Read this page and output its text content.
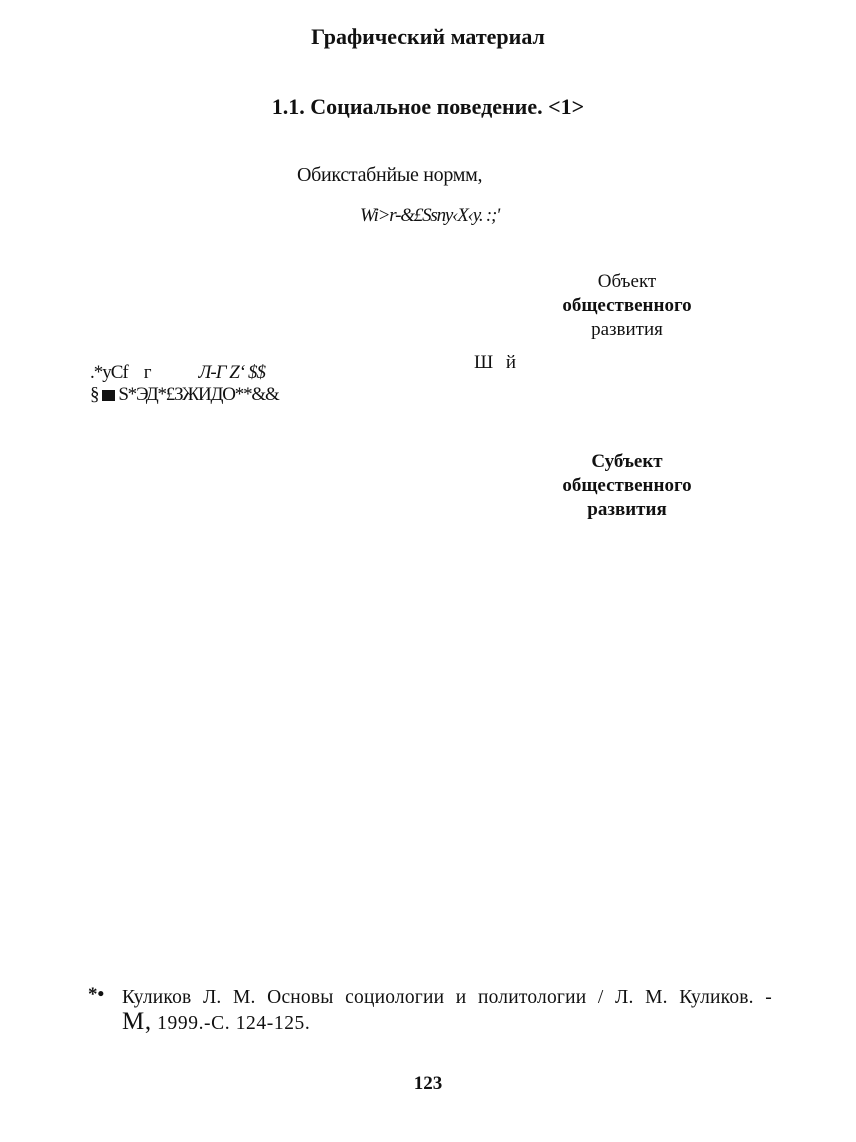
Графический материал
1.1. Социальное поведение. <1>
Обикстабнйые нормм,
Wi>r-&£Ssnу‹Х‹у. :;'
Объект
общественного
развития
Ш й
.*уCf г	Л-Г Z‘ $$
§ S*ЭД*£ЗЖИДО**&&
Субъект
общественного
развития
*• Куликов Л. М. Основы социологии и политологии / Л. М. Куликов. -
М, 1999.-С. 124-125.
123
